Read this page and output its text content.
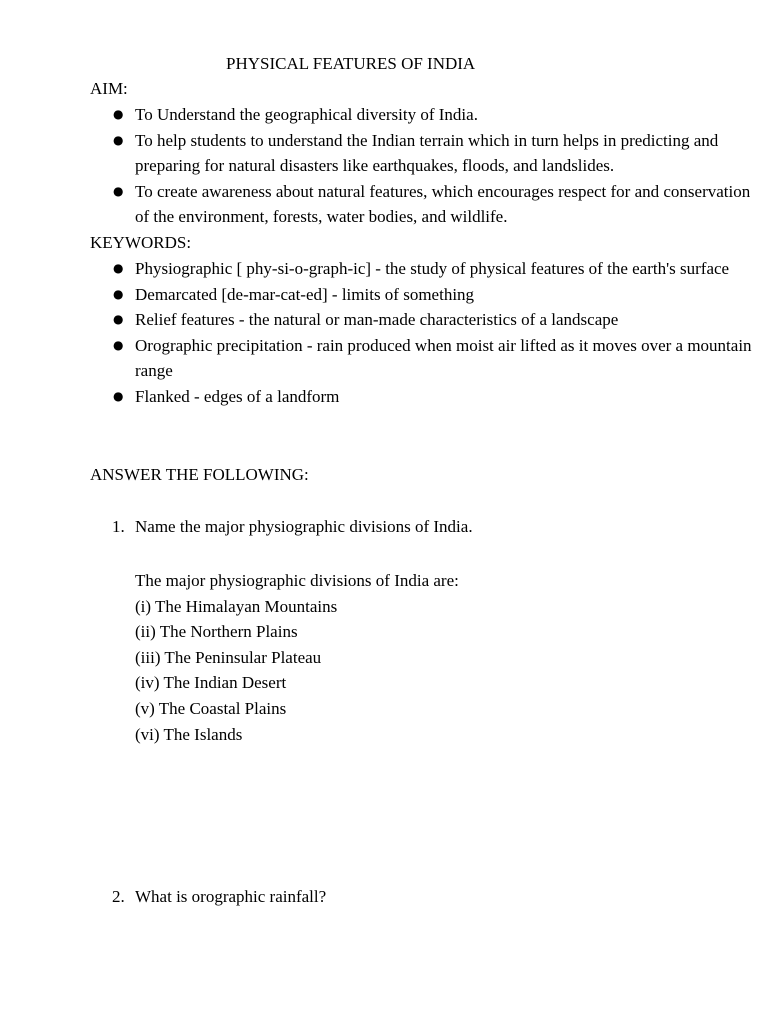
PHYSICAL FEATURES OF INDIA
AIM:
● To Understand the geographical diversity of India.
● To help students to understand the Indian terrain which in turn helps in predicting and preparing for natural disasters like earthquakes, floods, and landslides.
● To create awareness about natural features, which encourages respect for and conservation of the environment, forests, water bodies, and wildlife.
KEYWORDS:
● Physiographic [ phy-si-o-graph-ic] - the study of physical features of the earth's surface
● Demarcated [de-mar-cat-ed] - limits of something
● Relief features - the natural or man-made characteristics of a landscape
● Orographic precipitation - rain produced when moist air lifted as it moves over a mountain range
● Flanked - edges of a landform
ANSWER THE FOLLOWING:
1. Name the major physiographic divisions of India.
The major physiographic divisions of India are:
(i) The Himalayan Mountains
(ii) The Northern Plains
(iii) The Peninsular Plateau
(iv) The Indian Desert
(v) The Coastal Plains
(vi) The Islands
2. What is orographic rainfall?
